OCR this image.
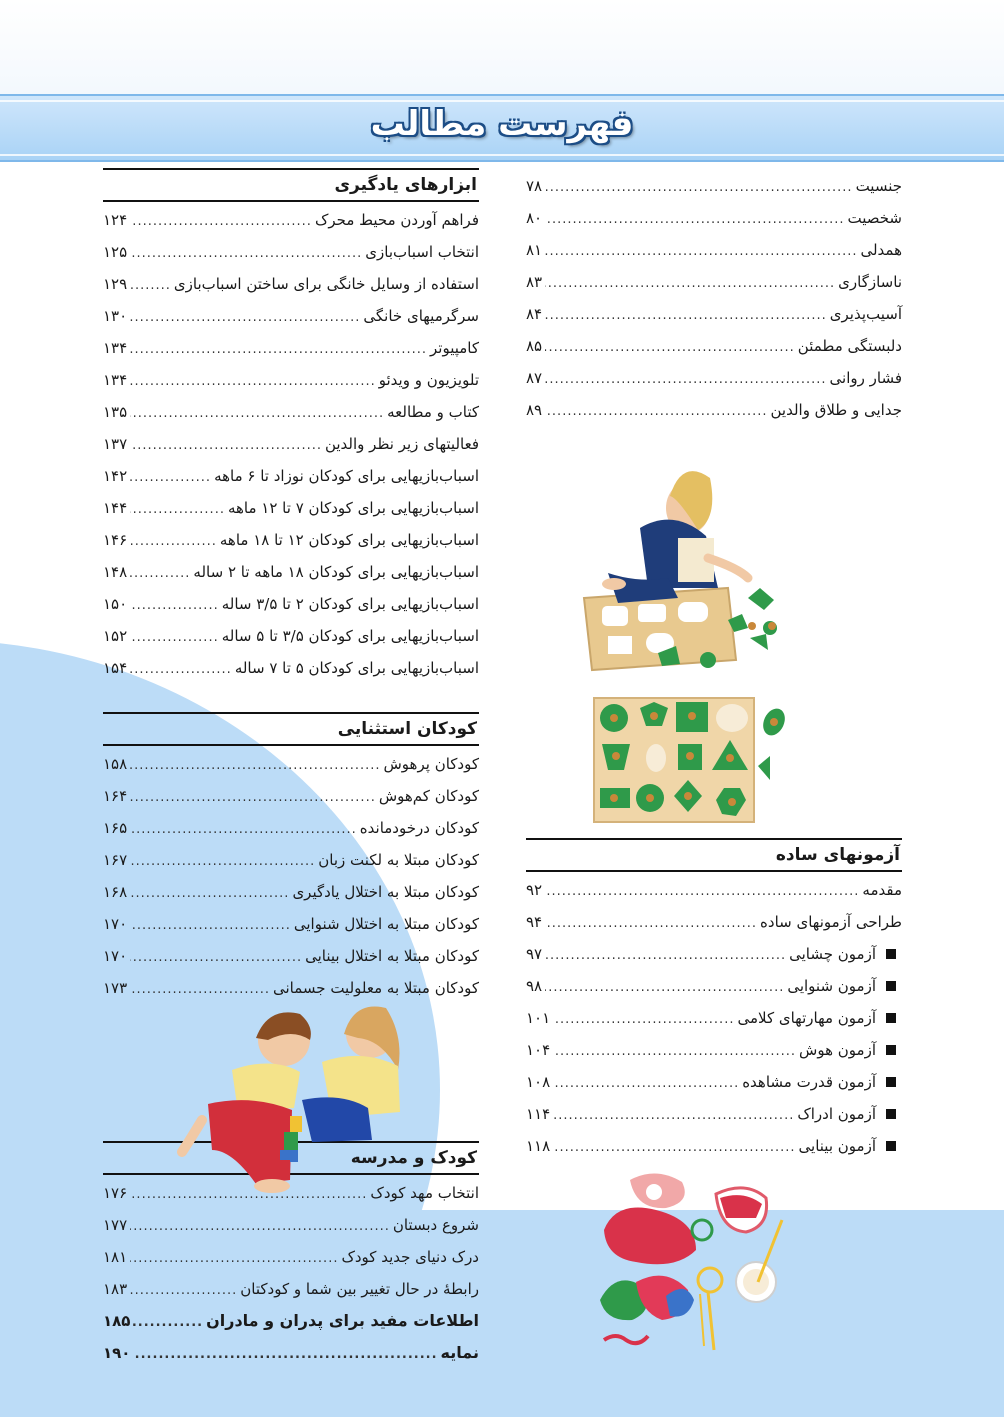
فهرست مطالب
جنسیت
.....
۷۸
شخصیت
.....
۸۰
همدلی
.....
۸۱
ناسازگاری
.....
۸۳
آسیب‌پذیری
.....
۸۴
دلبستگی مطمئن
.....
۸۵
فشار روانی
.....
۸۷
جدایی و طلاق والدین
.....
۸۹
آزمونهای ساده
مقدمه
.....
۹۲
طراحی آزمونهای ساده
.....
۹۴
آزمون چشایی
.....
۹۷
آزمون شنوایی
.....
۹۸
آزمون مهارتهای کلامی
.....
۱۰۱
آزمون هوش
.....
۱۰۴
آزمون قدرت مشاهده
.....
۱۰۸
آزمون ادراک
.....
۱۱۴
آزمون بینایی
.....
۱۱۸
ابزارهای یادگیری
فراهم آوردن محیط محرک
.....
۱۲۴
انتخاب اسباب‌بازی
.....
۱۲۵
استفاده از وسایل خانگی برای ساختن اسباب‌بازی
.....
۱۲۹
سرگرمیهای خانگی
.....
۱۳۰
کامپیوتر
.....
۱۳۴
تلویزیون و ویدئو
.....
۱۳۴
کتاب و مطالعه
.....
۱۳۵
فعالیتهای زیر نظر والدین
.....
۱۳۷
اسباب‌بازیهایی برای کودکان نوزاد تا ۶ ماهه
.....
۱۴۲
اسباب‌بازیهایی برای کودکان ۷ تا ۱۲ ماهه
.....
۱۴۴
اسباب‌بازیهایی برای کودکان ۱۲ تا ۱۸ ماهه
.....
۱۴۶
اسباب‌بازیهایی برای کودکان ۱۸ ماهه تا ۲ ساله
.....
۱۴۸
اسباب‌بازیهایی برای کودکان ۲ تا ۳/۵ ساله
.....
۱۵۰
اسباب‌بازیهایی برای کودکان ۳/۵ تا ۵ ساله
.....
۱۵۲
اسباب‌بازیهایی برای کودکان ۵ تا ۷ ساله
.....
۱۵۴
کودکان استثنایی
کودکان پرهوش
.....
۱۵۸
کودکان کم‌هوش
.....
۱۶۴
کودکان درخودمانده
.....
۱۶۵
کودکان مبتلا به لکنت زبان
.....
۱۶۷
کودکان مبتلا به اختلال یادگیری
.....
۱۶۸
کودکان مبتلا به اختلال شنوایی
.....
۱۷۰
کودکان مبتلا به اختلال بینایی
.....
۱۷۰
کودکان مبتلا به معلولیت جسمانی
.....
۱۷۳
کودک و مدرسه
انتخاب مهد کودک
.....
۱۷۶
شروع دبستان
.....
۱۷۷
درک دنیای جدید کودک
.....
۱۸۱
رابطهٔ در حال تغییر بین شما و کودکتان
.....
۱۸۳
اطلاعات مفید برای پدران و مادران
.....
۱۸۵
نمایه
.....
۱۹۰
